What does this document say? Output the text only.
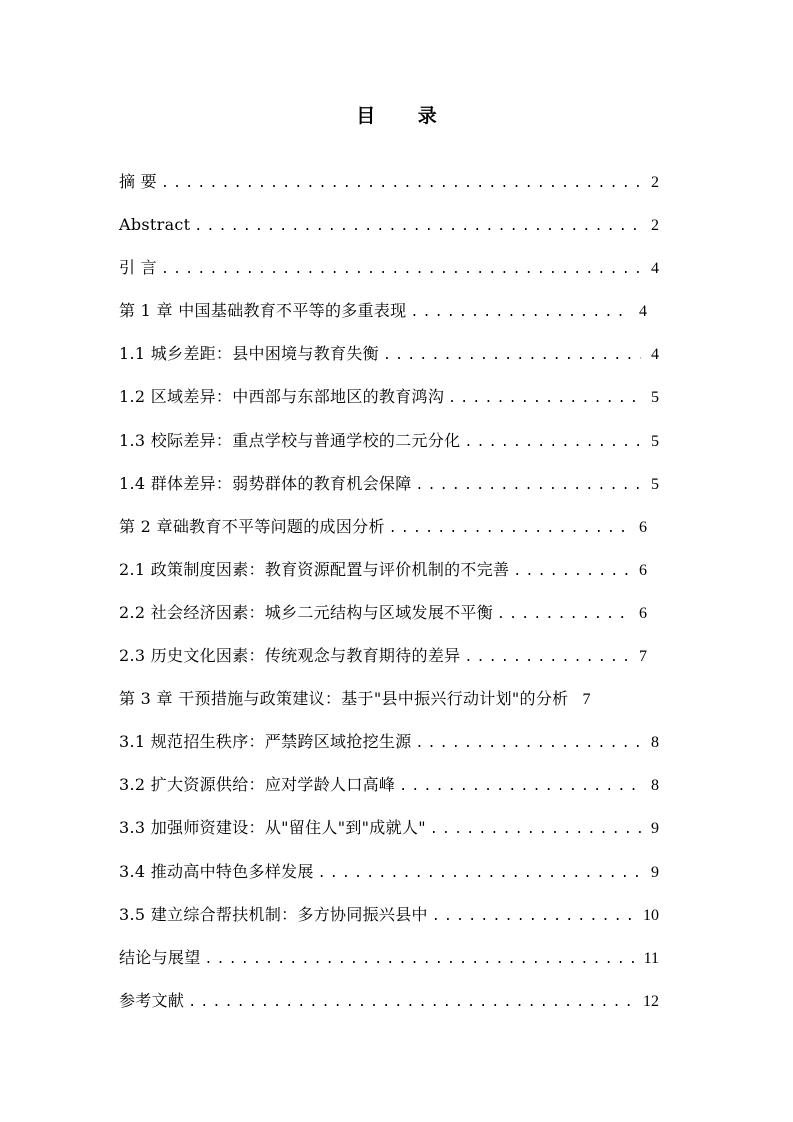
目 录
摘 要 .....	2
Abstract .....	2
引 言 .....	4
第 1 章 中国基础教育不平等的多重表现 .....	4
1.1 城乡差距：县中困境与教育失衡 .....	4
1.2 区域差异：中西部与东部地区的教育鸿沟 .....	5
1.3 校际差异：重点学校与普通学校的二元分化 .....	5
1.4 群体差异：弱势群体的教育机会保障 .....	5
第 2 章础教育不平等问题的成因分析 .....	6
2.1 政策制度因素：教育资源配置与评价机制的不完善 .....	6
2.2 社会经济因素：城乡二元结构与区域发展不平衡 .....	6
2.3 历史文化因素：传统观念与教育期待的差异 .....	7
第 3 章 干预措施与政策建议：基于"县中振兴行动计划"的分析 7
3.1 规范招生秩序：严禁跨区域抢挖生源 .....	8
3.2 扩大资源供给：应对学龄人口高峰 .....	8
3.3 加强师资建设：从"留住人"到"成就人" .....	9
3.4 推动高中特色多样发展 .....	9
3.5 建立综合帮扶机制：多方协同振兴县中 .....	10
结论与展望 .....	11
参考文献 .....	12
